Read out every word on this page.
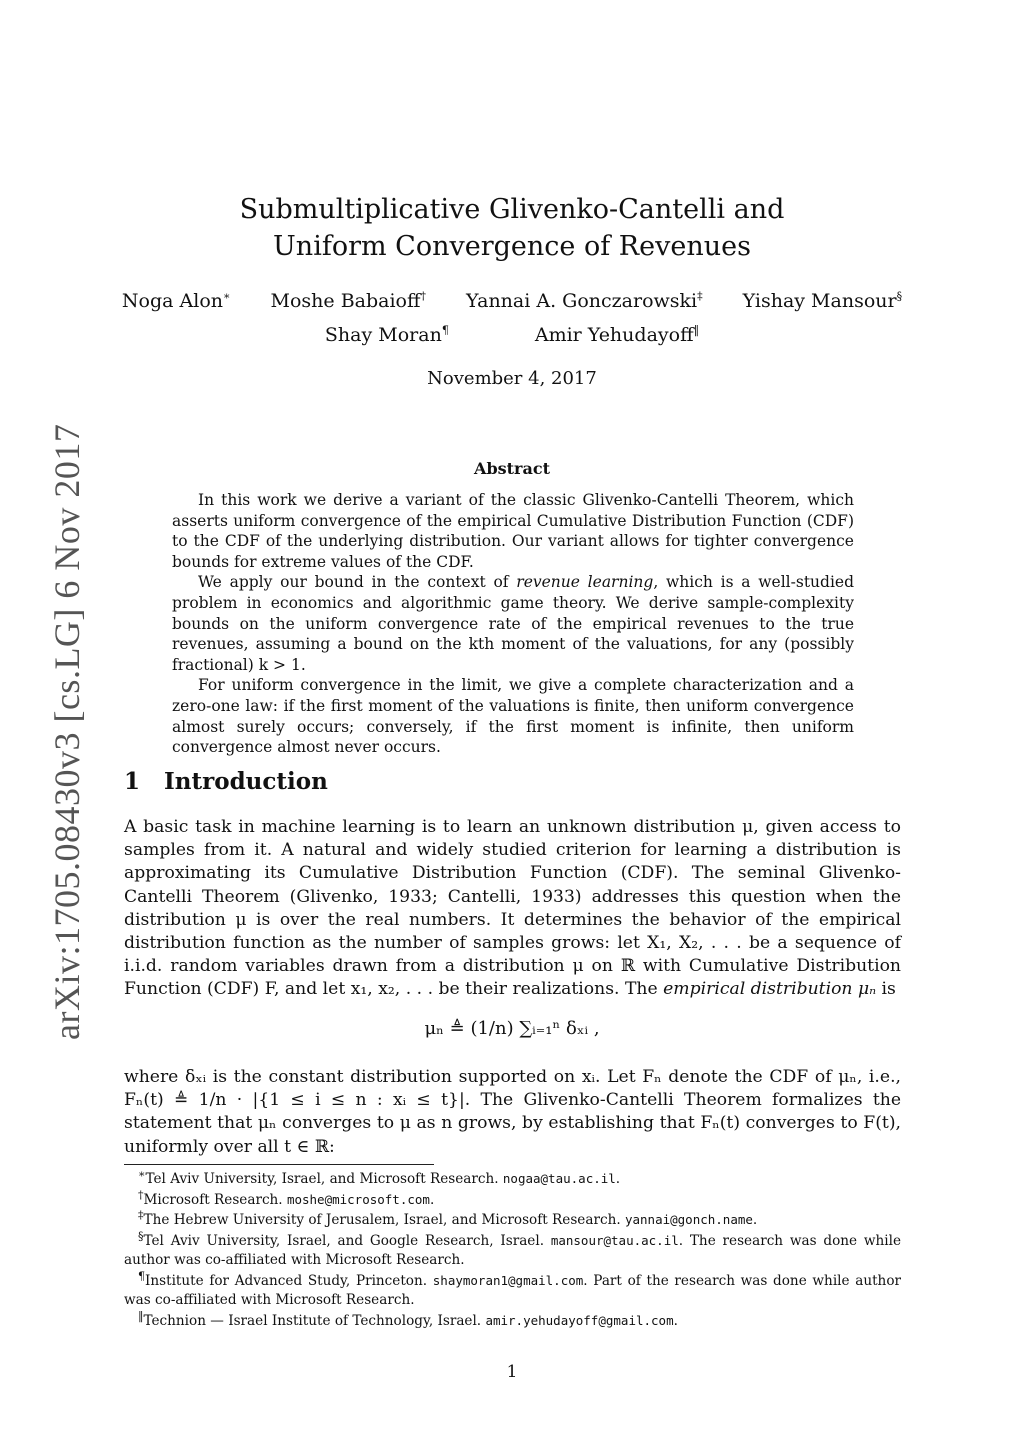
arXiv:1705.08430v3 [cs.LG] 6 Nov 2017
Submultiplicative Glivenko-Cantelli and
Uniform Convergence of Revenues
Noga Alon∗ Moshe Babaioff† Yannai A. Gonczarowski‡ Yishay Mansour§
Shay Moran¶	Amir Yehudayoff‖
November 4, 2017
Abstract

In this work we derive a variant of the classic Glivenko-Cantelli Theorem, which asserts uniform convergence of the empirical Cumulative Distribution Function (CDF) to the CDF of the underlying distribution. Our variant allows for tighter convergence bounds for extreme values of the CDF.

We apply our bound in the context of revenue learning, which is a well-studied problem in economics and algorithmic game theory. We derive sample-complexity bounds on the uniform convergence rate of the empirical revenues to the true revenues, assuming a bound on the kth moment of the valuations, for any (possibly fractional) k > 1.

For uniform convergence in the limit, we give a complete characterization and a zero-one law: if the first moment of the valuations is finite, then uniform convergence almost surely occurs; conversely, if the first moment is infinite, then uniform convergence almost never occurs.

1 Introduction

A basic task in machine learning is to learn an unknown distribution μ, given access to samples from it. A natural and widely studied criterion for learning a distribution is approximating its Cumulative Distribution Function (CDF). The seminal Glivenko-Cantelli Theorem (Glivenko, 1933; Cantelli, 1933) addresses this question when the distribution μ is over the real numbers. It determines the behavior of the empirical distribution function as the number of samples grows: let X₁, X₂, . . . be a sequence of i.i.d. random variables drawn from a distribution μ on ℝ with Cumulative Distribution Function (CDF) F, and let x₁, x₂, . . . be their realizations. The empirical distribution μₙ is

μₙ ≜ (1/n) ∑ᵢ₌₁ⁿ δₓᵢ ,

where δₓᵢ is the constant distribution supported on xᵢ. Let Fₙ denote the CDF of μₙ, i.e., Fₙ(t) ≜ 1/n · |{1 ≤ i ≤ n : xᵢ ≤ t}|. The Glivenko-Cantelli Theorem formalizes the statement that μₙ converges to μ as n grows, by establishing that Fₙ(t) converges to F(t), uniformly over all t ∈ ℝ:

∗Tel Aviv University, Israel, and Microsoft Research. nogaa@tau.ac.il.

†Microsoft Research. moshe@microsoft.com.

‡The Hebrew University of Jerusalem, Israel, and Microsoft Research. yannai@gonch.name.

§Tel Aviv University, Israel, and Google Research, Israel. mansour@tau.ac.il. The research was done while author was co-affiliated with Microsoft Research.

¶Institute for Advanced Study, Princeton. shaymoran1@gmail.com. Part of the research was done while author was co-affiliated with Microsoft Research.

‖Technion — Israel Institute of Technology, Israel. amir.yehudayoff@gmail.com.

1
